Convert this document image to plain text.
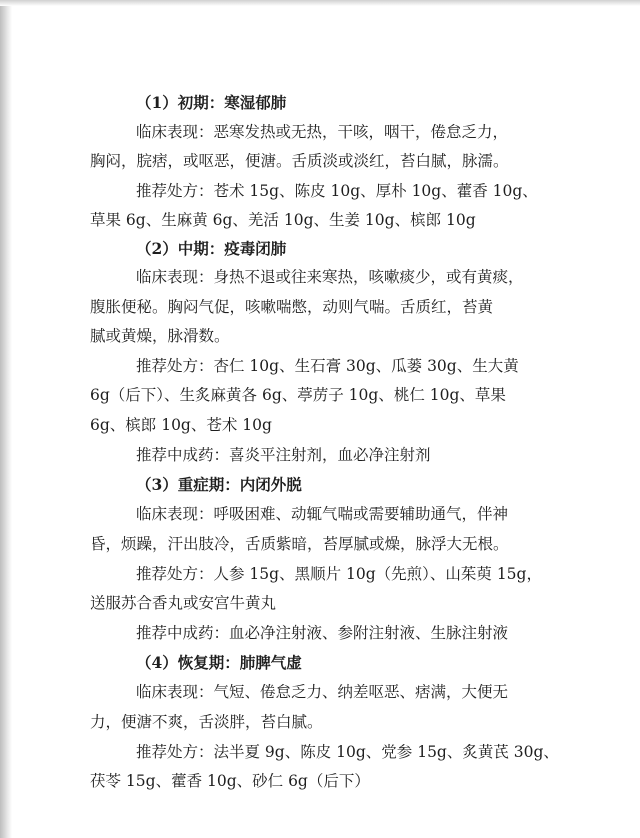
（1）初期：寒湿郁肺
临床表现：恶寒发热或无热，干咳，咽干，倦怠乏力，
胸闷，脘痞，或呕恶，便溏。舌质淡或淡红，苔白腻，脉濡。
推荐处方：苍术 15g、陈皮 10g、厚朴 10g、藿香 10g、
草果 6g、生麻黄 6g、羌活 10g、生姜 10g、槟郎 10g
（2）中期：疫毒闭肺
临床表现：身热不退或往来寒热，咳嗽痰少，或有黄痰，
腹胀便秘。胸闷气促，咳嗽喘憋，动则气喘。舌质红，苔黄
腻或黄燥，脉滑数。
推荐处方：杏仁 10g、生石膏 30g、瓜蒌 30g、生大黄
6g（后下）、生炙麻黄各 6g、葶苈子 10g、桃仁 10g、草果
6g、槟郎 10g、苍术 10g
推荐中成药：喜炎平注射剂，血必净注射剂
（3）重症期：内闭外脱
临床表现：呼吸困难、动辄气喘或需要辅助通气，伴神
昏，烦躁，汗出肢冷，舌质紫暗，苔厚腻或燥，脉浮大无根。
推荐处方：人参 15g、黑顺片 10g（先煎）、山茱萸 15g，
送服苏合香丸或安宫牛黄丸
推荐中成药：血必净注射液、参附注射液、生脉注射液
（4）恢复期：肺脾气虚
临床表现：气短、倦怠乏力、纳差呕恶、痞满，大便无
力，便溏不爽，舌淡胖，苔白腻。
推荐处方：法半夏 9g、陈皮 10g、党参 15g、炙黄芪 30g、
茯苓 15g、藿香 10g、砂仁 6g（后下）
